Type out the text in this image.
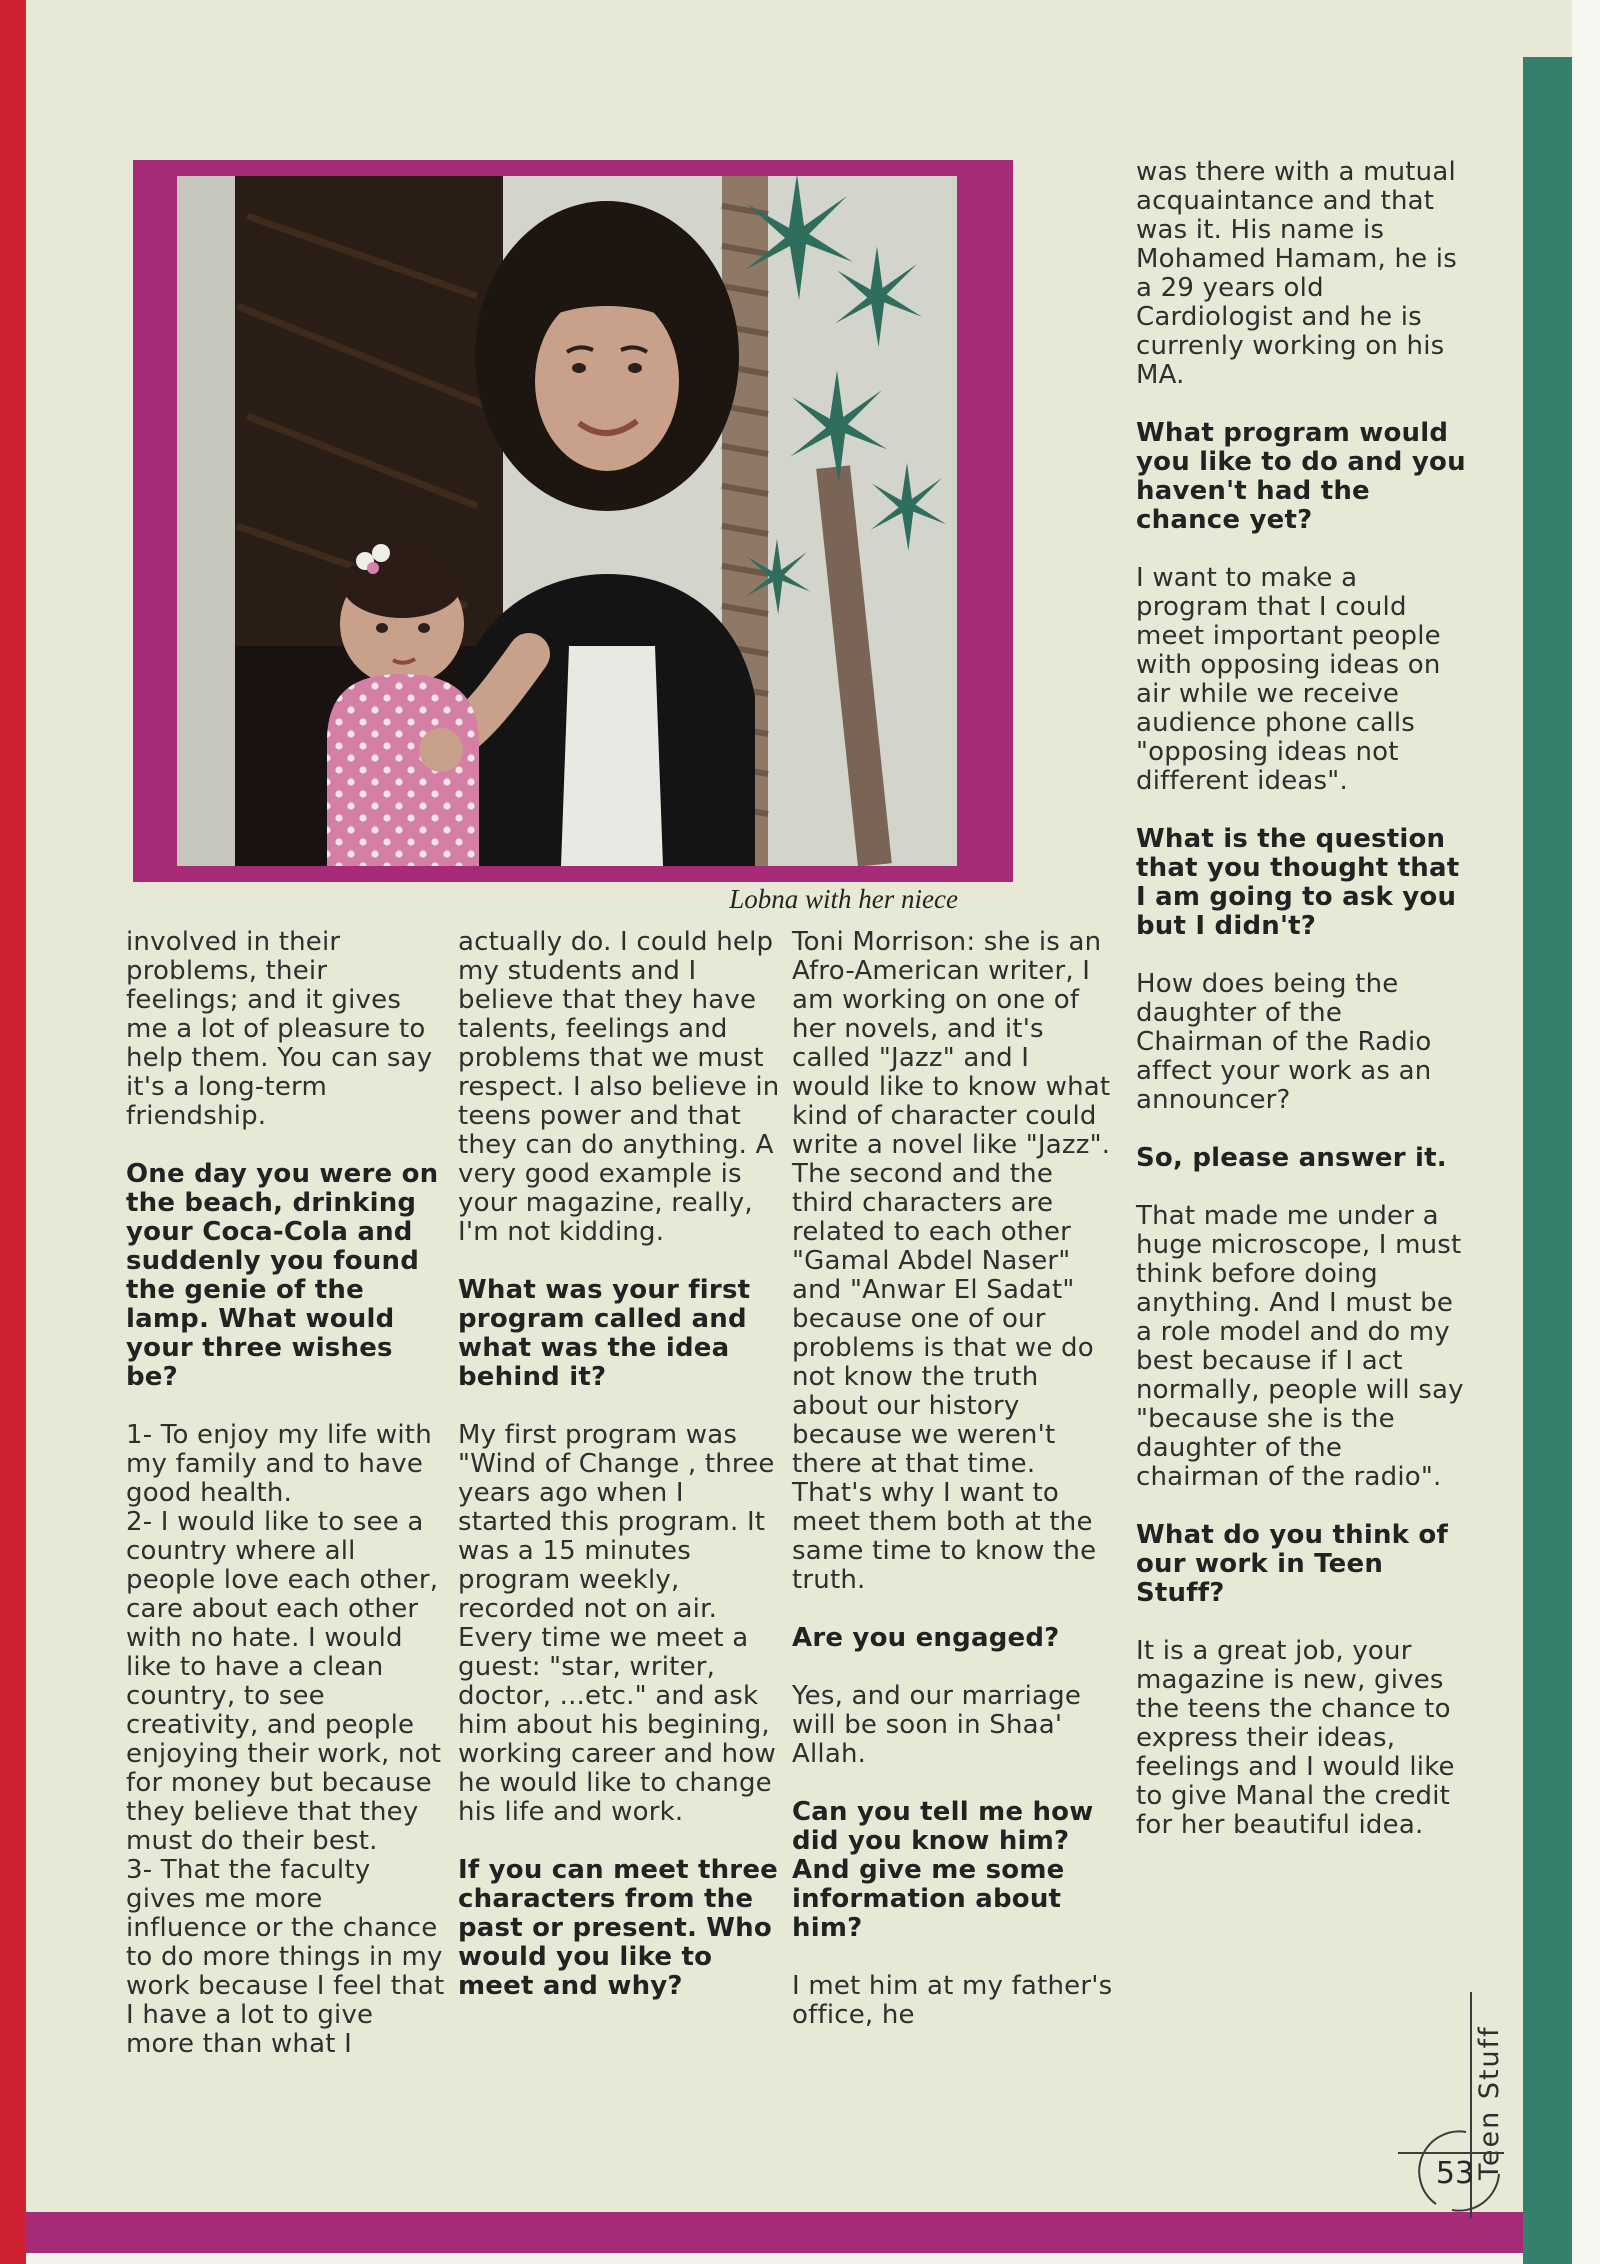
Lobna with her niece

involved in their problems, their feelings; and it gives me a lot of pleasure to help them. You can say it's a long-term friendship.

One day you were on the beach, drinking your Coca-Cola and suddenly you found the genie of the lamp. What would your three wishes be?

1- To enjoy my life with my family and to have good health.

2- I would like to see a country where all people love each other, care about each other with no hate. I would like to have a clean country, to see creativity, and people enjoying their work, not for money but because they believe that they must do their best.

3- That the faculty gives me more influence or the chance to do more things in my work because I feel that I have a lot to give more than what I

actually do. I could help my students and I believe that they have talents, feelings and problems that we must respect. I also believe in teens power and that they can do anything. A very good example is your magazine, really, I'm not kidding.

What was your first program called and what was the idea behind it?

My first program was "Wind of Change , three years ago when I started this program. It was a 15 minutes program weekly, recorded not on air.

Every time we meet a guest: "star, writer, doctor, ...etc." and ask him about his begining, working career and how he would like to change his life and work.

If you can meet three characters from the past or present. Who would you like to meet and why?

Toni Morrison: she is an Afro-American writer, I am working on one of her novels, and it's called "Jazz" and I would like to know what kind of character could write a novel like "Jazz". The second and the third characters are related to each other "Gamal Abdel Naser" and "Anwar El Sadat"

because one of our problems is that we do not know the truth about our history because we weren't there at that time. That's why I want to meet them both at the same time to know the truth.

Are you engaged?

Yes, and our marriage will be soon in Shaa' Allah.

Can you tell me how did you know him? And give me some information about him?

I met him at my father's office, he

was there with a mutual acquaintance and that was it. His name is Mohamed Hamam, he is a 29 years old Cardiologist and he is currenly working on his MA.

What program would you like to do and you haven't had the chance yet?

I want to make a program that I could meet important people with opposing ideas on air while we receive audience phone calls "opposing ideas not different ideas".

What is the question that you thought that I am going to ask you but I didn't?

How does being the daughter of the Chairman of the Radio affect your work as an announcer?

So, please answer it.

That made me under a huge microscope, I must think before doing anything. And I must be a role model and do my best because if I act normally, people will say "because she is the daughter of the chairman of the radio".

What do you think of our work in Teen Stuff?

It is a great job, your magazine is new, gives the teens the chance to express their ideas, feelings and I would like to give Manal the credit for her beautiful idea.

Teen Stuff
53
